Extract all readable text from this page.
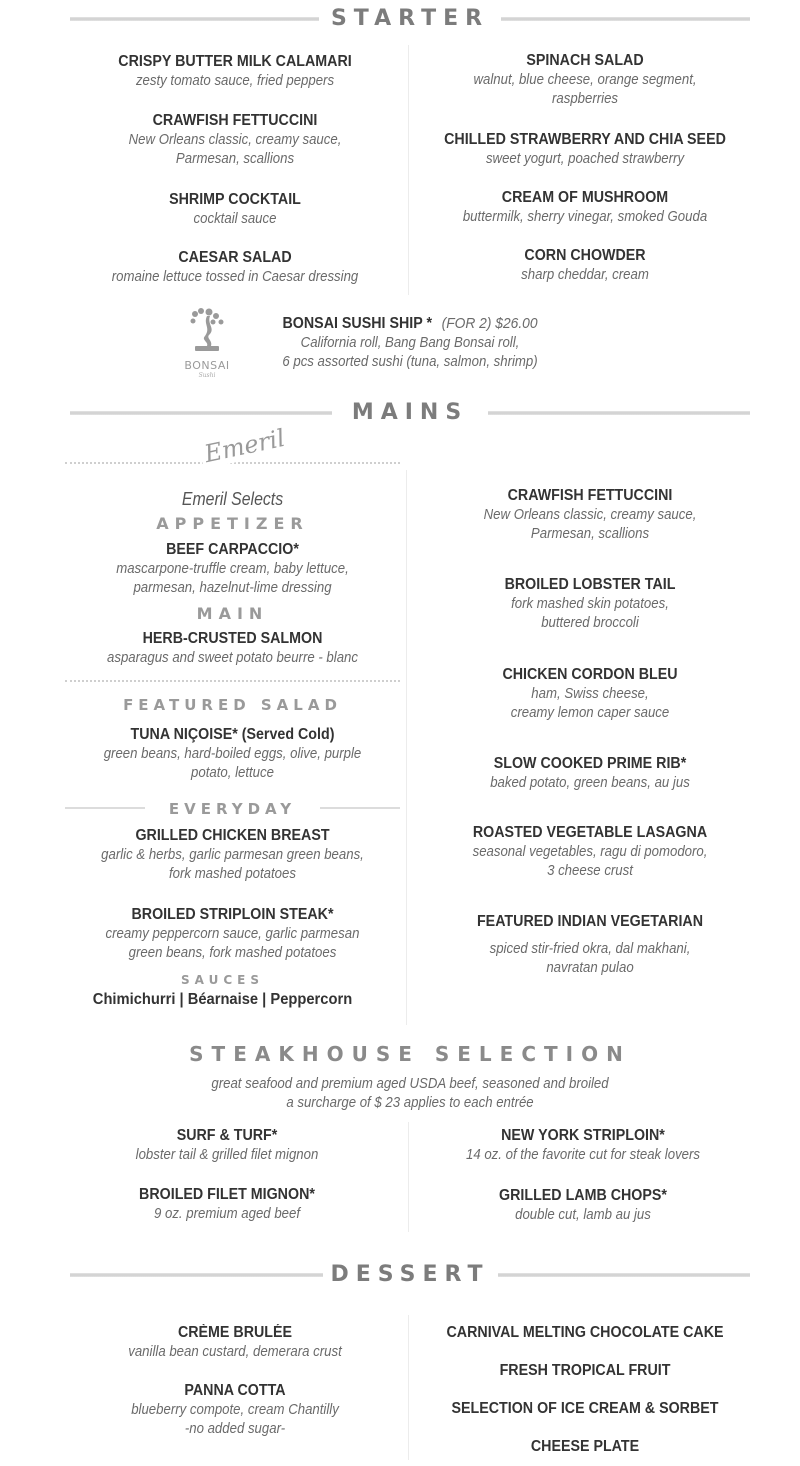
STARTER
CRISPY BUTTER MILK CALAMARI
zesty tomato sauce, fried peppers
CRAWFISH FETTUCCINI
New Orleans classic, creamy sauce,
Parmesan, scallions
SHRIMP COCKTAIL
cocktail sauce
CAESAR SALAD
romaine lettuce tossed in Caesar dressing
SPINACH SALAD
walnut, blue cheese, orange segment,
raspberries
CHILLED STRAWBERRY AND CHIA SEED
sweet yogurt, poached strawberry
CREAM OF MUSHROOM
buttermilk, sherry vinegar, smoked Gouda
CORN CHOWDER
sharp cheddar, cream
BONSAI
Sushi
BONSAI SUSHI SHIP * (FOR 2) $26.00
California roll, Bang Bang Bonsai roll,
6 pcs assorted sushi (tuna, salmon, shrimp)
MAINS
Emeril
Emeril Selects
APPETIZER
BEEF CARPACCIO*
mascarpone-truffle cream, baby lettuce,
parmesan, hazelnut-lime dressing
MAIN
HERB-CRUSTED SALMON
asparagus and sweet potato beurre - blanc
FEATURED SALAD
TUNA NIÇOISE* (Served Cold)
green beans, hard-boiled eggs, olive, purple
potato, lettuce
EVERYDAY
GRILLED CHICKEN BREAST
garlic & herbs, garlic parmesan green beans,
fork mashed potatoes
BROILED STRIPLOIN STEAK*
creamy peppercorn sauce, garlic parmesan
green beans, fork mashed potatoes
SAUCES
Chimichurri | Béarnaise | Peppercorn
CRAWFISH FETTUCCINI
New Orleans classic, creamy sauce,
Parmesan, scallions
BROILED LOBSTER TAIL
fork mashed skin potatoes,
buttered broccoli
CHICKEN CORDON BLEU
ham, Swiss cheese,
creamy lemon caper sauce
SLOW COOKED PRIME RIB*
baked potato, green beans, au jus
ROASTED VEGETABLE LASAGNA
seasonal vegetables, ragu di pomodoro,
3 cheese crust
FEATURED INDIAN VEGETARIAN
spiced stir-fried okra, dal makhani,
navratan pulao
STEAKHOUSE SELECTION
great seafood and premium aged USDA beef, seasoned and broiled
a surcharge of $ 23 applies to each entrée
SURF & TURF*
lobster tail & grilled filet mignon
BROILED FILET MIGNON*
9 oz. premium aged beef
NEW YORK STRIPLOIN*
14 oz. of the favorite cut for steak lovers
GRILLED LAMB CHOPS*
double cut, lamb au jus
DESSERT
CRÈME BRULÉE
vanilla bean custard, demerara crust
PANNA COTTA
blueberry compote, cream Chantilly
-no added sugar-
CARNIVAL MELTING CHOCOLATE CAKE
FRESH TROPICAL FRUIT
SELECTION OF ICE CREAM & SORBET
CHEESE PLATE
